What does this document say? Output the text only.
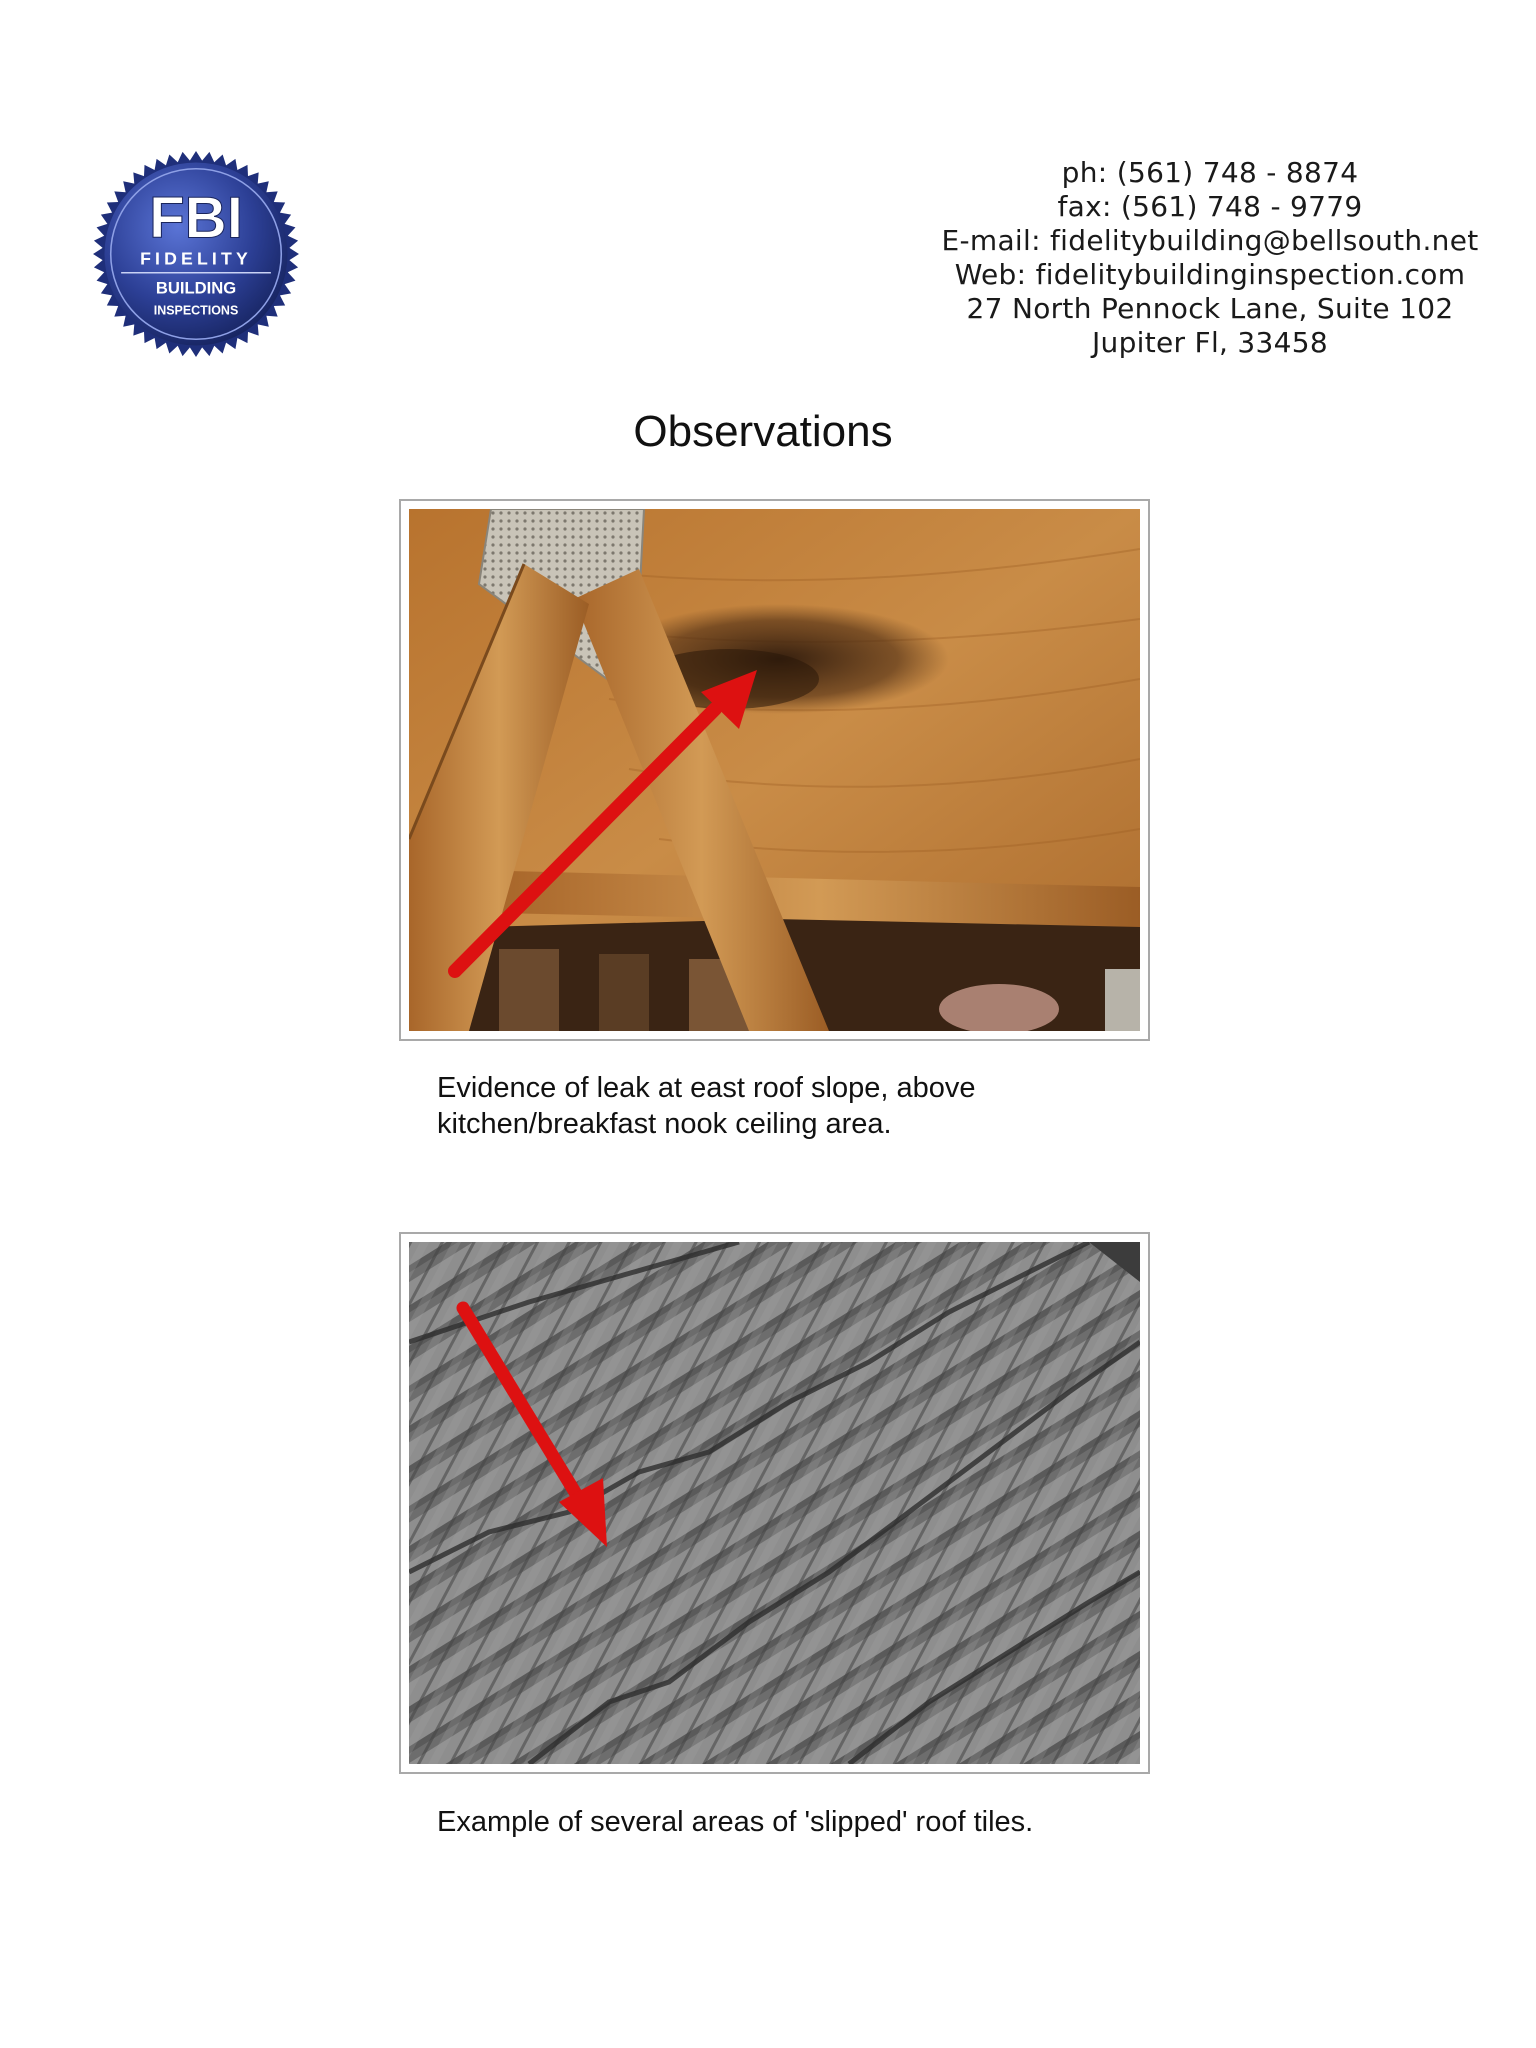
FBI
FIDELITY
BUILDING
INSPECTIONS
ph: (561) 748 - 8874
fax: (561) 748 - 9779
E-mail: fidelitybuilding@bellsouth.net
Web: fidelitybuildinginspection.com
27 North Pennock Lane, Suite 102
Jupiter Fl, 33458
Observations
Evidence of leak at east roof slope, above
kitchen/breakfast nook ceiling area.
Example of several areas of 'slipped' roof tiles.
